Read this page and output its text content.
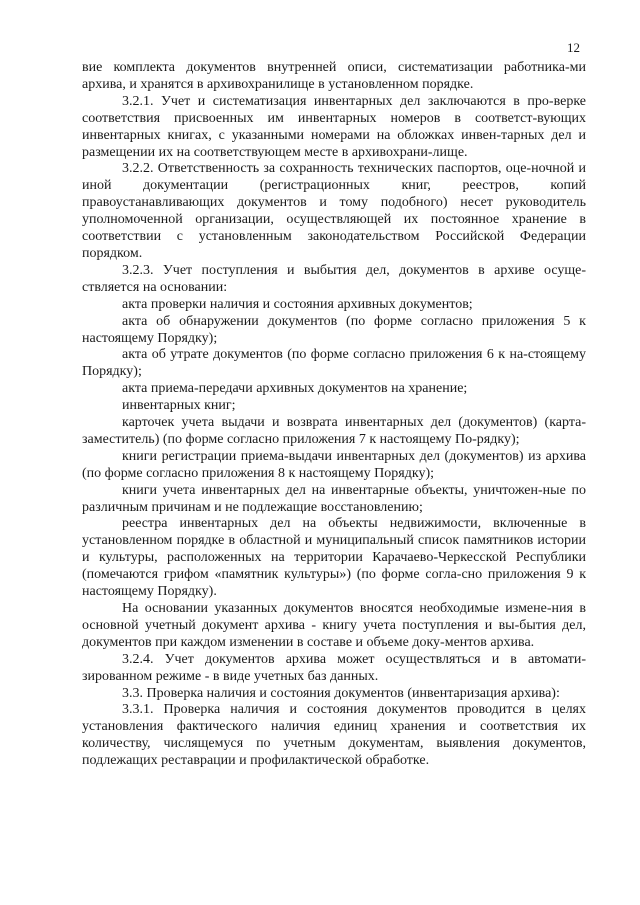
12

вие комплекта документов внутренней описи, систематизации работника-ми архива, и хранятся в архивохранилище в установленном порядке.

3.2.1. Учет и систематизация инвентарных дел заключаются в про-верке соответствия присвоенных им инвентарных номеров в соответст-вующих инвентарных книгах, с указанными номерами на обложках инвен-тарных дел и размещении их на соответствующем месте в архивохрани-лище.

3.2.2. Ответственность за сохранность технических паспортов, оце-ночной и иной документации (регистрационных книг, реестров, копий правоустанавливающих документов и тому подобного) несет руководитель уполномоченной организации, осуществляющей их постоянное хранение в соответствии с установленным законодательством Российской Федерации порядком.

3.2.3. Учет поступления и выбытия дел, документов в архиве осуще-ствляется на основании:

акта проверки наличия и состояния архивных документов;

акта об обнаружении документов (по форме согласно приложения 5 к настоящему Порядку);

акта об утрате документов (по форме согласно приложения 6 к на-стоящему Порядку);

акта приема-передачи архивных документов на хранение;

инвентарных книг;

карточек учета выдачи и возврата инвентарных дел (документов) (карта-заместитель) (по форме согласно приложения 7 к настоящему По-рядку);

книги регистрации приема-выдачи инвентарных дел (документов) из архива (по форме согласно приложения 8 к настоящему Порядку);

книги учета инвентарных дел на инвентарные объекты, уничтожен-ные по различным причинам и не подлежащие восстановлению;

реестра инвентарных дел на объекты недвижимости, включенные в установленном порядке в областной и муниципальный список памятников истории и культуры, расположенных на территории Карачаево-Черкесской Республики (помечаются грифом «памятник культуры») (по форме согла-сно приложения 9 к настоящему Порядку).

На основании указанных документов вносятся необходимые измене-ния в основной учетный документ архива - книгу учета поступления и вы-бытия дел, документов при каждом изменении в составе и объеме доку-ментов архива.

3.2.4. Учет документов архива может осуществляться и в автомати-зированном режиме - в виде учетных баз данных.

3.3. Проверка наличия и состояния документов (инвентаризация архива):

3.3.1. Проверка наличия и состояния документов проводится в целях установления фактического наличия единиц хранения и соответствия их количеству, числящемуся по учетным документам, выявления документов, подлежащих реставрации и профилактической обработке.
